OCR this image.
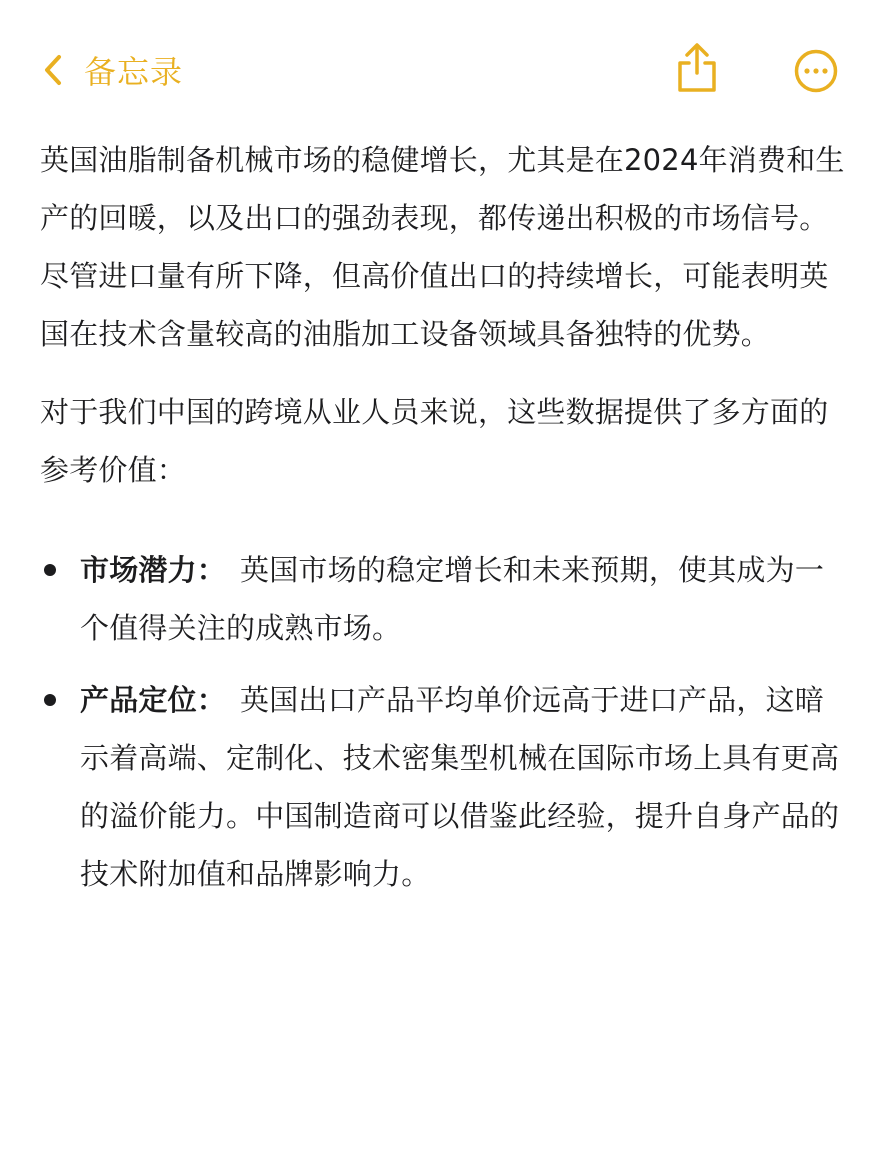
备忘录

英国油脂制备机械市场的稳健增长，尤其是在2024年消费和生产的回暖，以及出口的强劲表现，都传递出积极的市场信号。尽管进口量有所下降，但高价值出口的持续增长，可能表明英国在技术含量较高的油脂加工设备领域具备独特的优势。

对于我们中国的跨境从业人员来说，这些数据提供了多方面的参考价值：

市场潜力： 英国市场的稳定增长和未来预期，使其成为一个值得关注的成熟市场。
产品定位： 英国出口产品平均单价远高于进口产品，这暗示着高端、定制化、技术密集型机械在国际市场上具有更高的溢价能力。中国制造商可以借鉴此经验，提升自身产品的技术附加值和品牌影响力。
